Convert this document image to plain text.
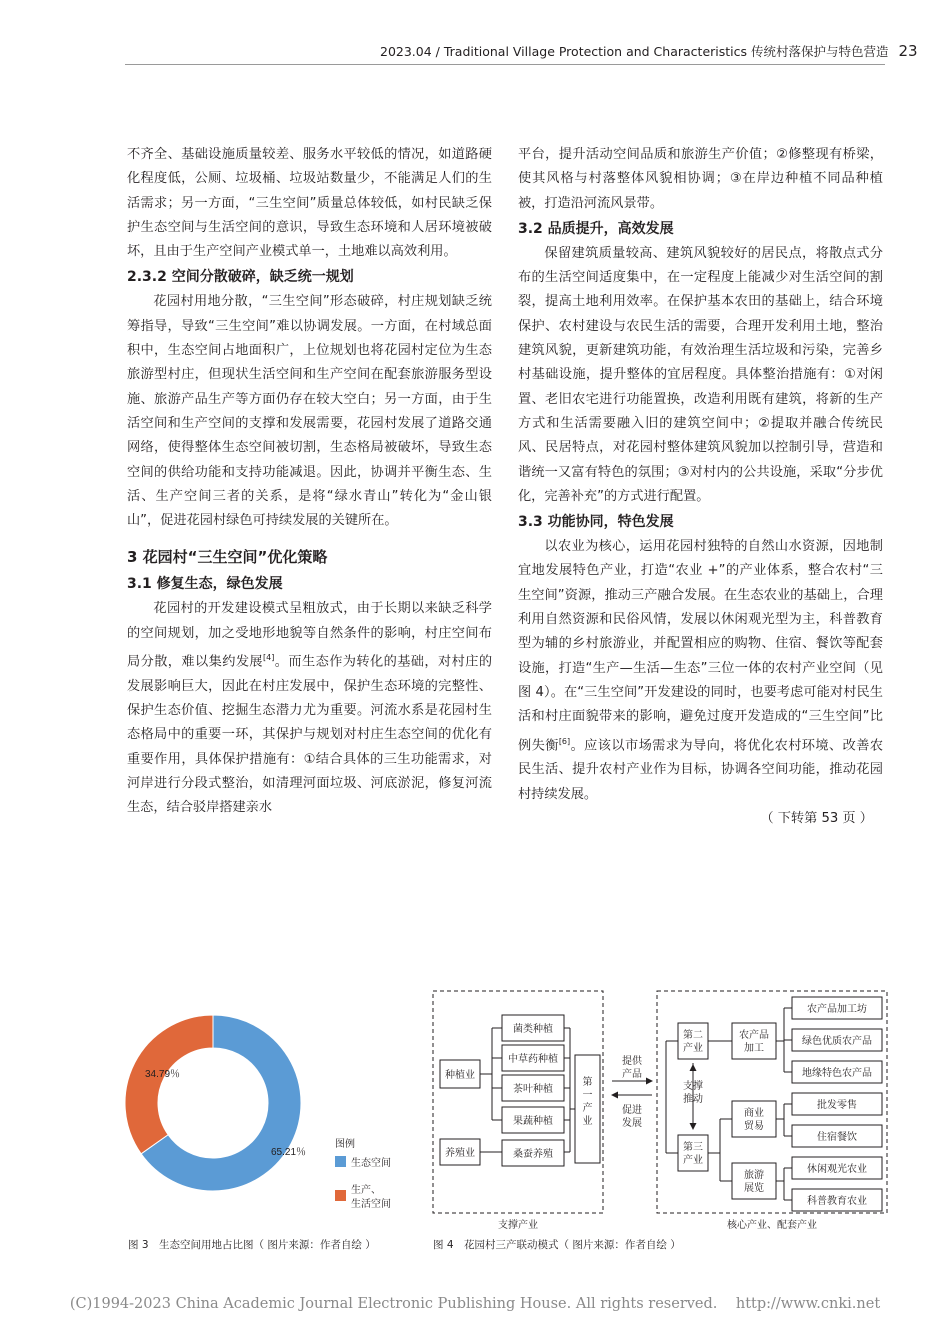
2023.04 / Traditional Village Protection and Characteristics 传统村落保护与特色营造 23

不齐全、基础设施质量较差、服务水平较低的情况，如道路硬化程度低，公厕、垃圾桶、垃圾站数量少，不能满足人们的生活需求；另一方面，“三生空间”质量总体较低，如村民缺乏保护生态空间与生活空间的意识，导致生态环境和人居环境被破坏，且由于生产空间产业模式单一，土地难以高效利用。

2.3.2 空间分散破碎，缺乏统一规划

花园村用地分散，“三生空间”形态破碎，村庄规划缺乏统筹指导，导致“三生空间”难以协调发展。一方面，在村域总面积中，生态空间占地面积广，上位规划也将花园村定位为生态旅游型村庄，但现状生活空间和生产空间在配套旅游服务型设施、旅游产品生产等方面仍存在较大空白；另一方面，由于生活空间和生产空间的支撑和发展需要，花园村发展了道路交通网络，使得整体生态空间被切割，生态格局被破坏，导致生态空间的供给功能和支持功能减退。因此，协调并平衡生态、生活、生产空间三者的关系，是将“绿水青山”转化为“金山银山”，促进花园村绿色可持续发展的关键所在。

3 花园村“三生空间”优化策略
3.1 修复生态，绿色发展

花园村的开发建设模式呈粗放式，由于长期以来缺乏科学的空间规划，加之受地形地貌等自然条件的影响，村庄空间布局分散，难以集约发展[4]。而生态作为转化的基础，对村庄的发展影响巨大，因此在村庄发展中，保护生态环境的完整性、保护生态价值、挖掘生态潜力尤为重要。河流水系是花园村生态格局中的重要一环，其保护与规划对村庄生态空间的优化有重要作用，具体保护措施有：①结合具体的三生功能需求，对河岸进行分段式整治，如清理河面垃圾、河底淤泥，修复河流生态，结合驳岸搭建亲水

平台，提升活动空间品质和旅游生产价值；②修整现有桥梁，使其风格与村落整体风貌相协调；③在岸边种植不同品种植被，打造沿河流风景带。

3.2 品质提升，高效发展

保留建筑质量较高、建筑风貌较好的居民点，将散点式分布的生活空间适度集中，在一定程度上能减少对生活空间的割裂，提高土地利用效率。在保护基本农田的基础上，结合环境保护、农村建设与农民生活的需要，合理开发利用土地，整治建筑风貌，更新建筑功能，有效治理生活垃圾和污染，完善乡村基础设施，提升整体的宜居程度。具体整治措施有：①对闲置、老旧农宅进行功能置换，改造利用既有建筑，将新的生产方式和生活需要融入旧的建筑空间中；②提取并融合传统民风、民居特点，对花园村整体建筑风貌加以控制引导，营造和谐统一又富有特色的氛围；③对村内的公共设施，采取“分步优化，完善补充”的方式进行配置。

3.3 功能协同，特色发展

以农业为核心，运用花园村独特的自然山水资源，因地制宜地发展特色产业，打造“农业 +”的产业体系，整合农村“三生空间”资源，推动三产融合发展。在生态农业的基础上，合理利用自然资源和民俗风情，发展以休闲观光型为主，科普教育型为辅的乡村旅游业，并配置相应的购物、住宿、餐饮等配套设施，打造“生产—生活—生态”三位一体的农村产业空间（见图 4）。在“三生空间”开发建设的同时，也要考虑可能对村民生活和村庄面貌带来的影响，避免过度开发造成的“三生空间”比例失衡[6]。应该以市场需求为导向，将优化农村环境、改善农民生活、提升农村产业作为目标，协调各空间功能，推动花园村持续发展。

（ 下转第 53 页 ）
34.79％
65.21％
图例
生态空间
生产、
生活空间
图 3　生态空间用地占比图（ 图片来源：作者自绘 ）
种植业
养殖业
菌类种植
中草药种植
茶叶种植
果蔬种植
桑蚕养殖
第一产业
提供产品
促进发展
第二产业
第三产业
农产品加工
商业贸易
旅游展览
支撑推动
农产品加工坊
绿色优质农产品
地缘特色农产品
批发零售
住宿餐饮
休闲观光农业
科普教育农业
支撑产业	核心产业、配套产业
图 4　花园村三产联动模式（ 图片来源：作者自绘 ）
(C)1994-2023 China Academic Journal Electronic Publishing House. All rights reserved. http://www.cnki.net
